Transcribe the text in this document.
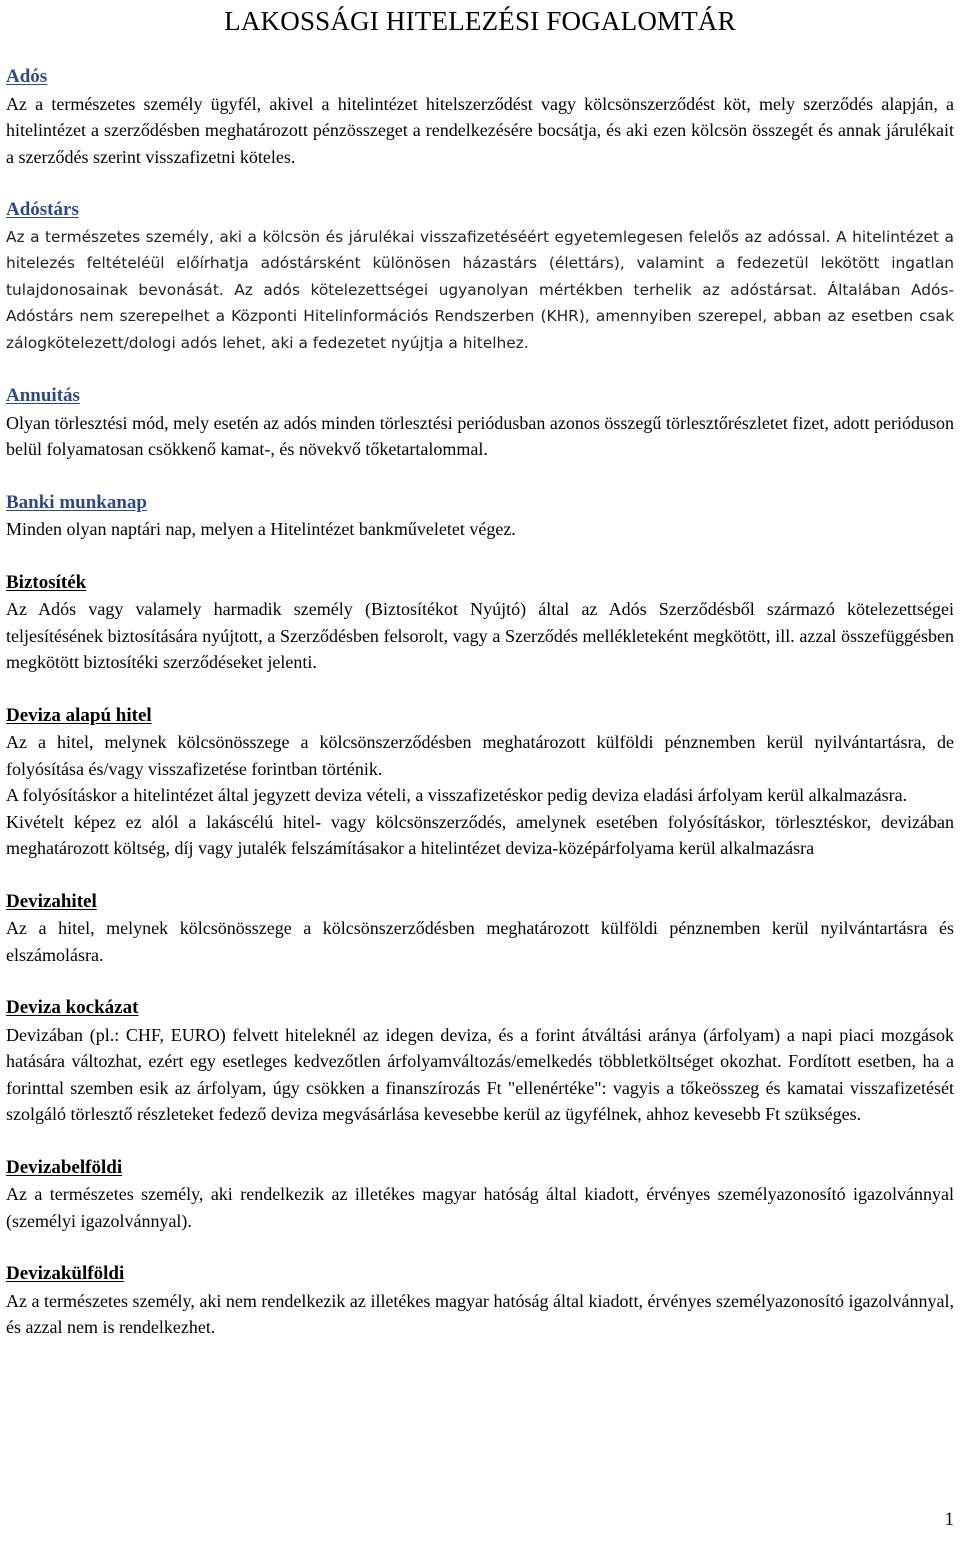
LAKOSSÁGI HITELEZÉSI FOGALOMTÁR
Adós

Az a természetes személy ügyfél, akivel a hitelintézet hitelszerződést vagy kölcsönszerződést köt, mely szerződés alapján, a hitelintézet a szerződésben meghatározott pénzösszeget a rendelkezésére bocsátja, és aki ezen kölcsön összegét és annak járulékait a szerződés szerint visszafizetni köteles.

Adóstárs

Az a természetes személy, aki a kölcsön és járulékai visszafizetéséért egyetemlegesen felelős az adóssal. A hitelintézet a hitelezés feltételéül előírhatja adóstársként különösen házastárs (élettárs), valamint a fedezetül lekötött ingatlan tulajdonosainak bevonását. Az adós kötelezettségei ugyanolyan mértékben terhelik az adóstársat. Általában Adós- Adóstárs nem szerepelhet a Központi Hitelinformációs Rendszerben (KHR), amennyiben szerepel, abban az esetben csak zálogkötelezett/dologi adós lehet, aki a fedezetet nyújtja a hitelhez.

Annuitás

Olyan törlesztési mód, mely esetén az adós minden törlesztési periódusban azonos összegű törlesztőrészletet fizet, adott perióduson belül folyamatosan csökkenő kamat-, és növekvő tőketartalommal.

Banki munkanap

Minden olyan naptári nap, melyen a Hitelintézet bankműveletet végez.

Biztosíték

Az Adós vagy valamely harmadik személy (Biztosítékot Nyújtó) által az Adós Szerződésből származó kötelezettségei teljesítésének biztosítására nyújtott, a Szerződésben felsorolt, vagy a Szerződés mellékleteként megkötött, ill. azzal összefüggésben megkötött biztosítéki szerződéseket jelenti.

Deviza alapú hitel

Az a hitel, melynek kölcsönösszege a kölcsönszerződésben meghatározott külföldi pénznemben kerül nyilvántartásra, de folyósítása és/vagy visszafizetése forintban történik.

A folyósításkor a hitelintézet által jegyzett deviza vételi, a visszafizetéskor pedig deviza eladási árfolyam kerül alkalmazásra.

Kivételt képez ez alól a lakáscélú hitel- vagy kölcsönszerződés, amelynek esetében folyósításkor, törlesztéskor, devizában meghatározott költség, díj vagy jutalék felszámításakor a hitelintézet deviza-középárfolyama kerül alkalmazásra

Devizahitel

Az a hitel, melynek kölcsönösszege a kölcsönszerződésben meghatározott külföldi pénznemben kerül nyilvántartásra és elszámolásra.

Deviza kockázat

Devizában (pl.: CHF, EURO) felvett hiteleknél az idegen deviza, és a forint átváltási aránya (árfolyam) a napi piaci mozgások hatására változhat, ezért egy esetleges kedvezőtlen árfolyamváltozás/emelkedés többletköltséget okozhat. Fordított esetben, ha a forinttal szemben esik az árfolyam, úgy csökken a finanszírozás Ft "ellenértéke": vagyis a tőkeösszeg és kamatai visszafizetését szolgáló törlesztő részleteket fedező deviza megvásárlása kevesebbe kerül az ügyfélnek, ahhoz kevesebb Ft szükséges.

Devizabelföldi

Az a természetes személy, aki rendelkezik az illetékes magyar hatóság által kiadott, érvényes személyazonosító igazolvánnyal (személyi igazolvánnyal).

Devizakülföldi

Az a természetes személy, aki nem rendelkezik az illetékes magyar hatóság által kiadott, érvényes személyazonosító igazolvánnyal, és azzal nem is rendelkezhet.

1
